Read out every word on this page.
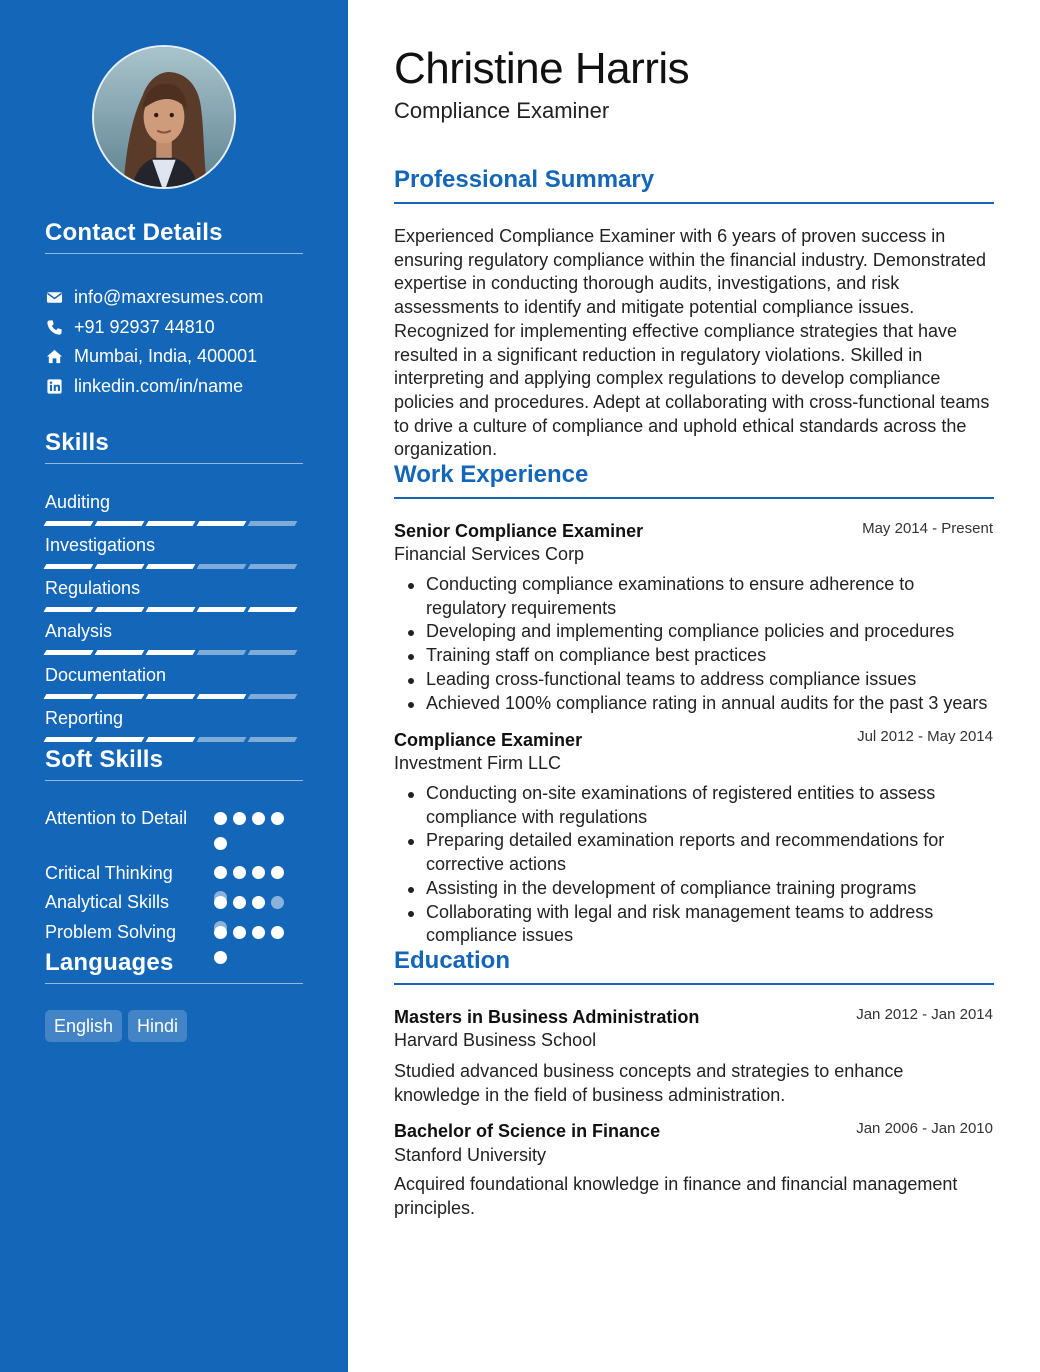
Contact Details
info@maxresumes.com
+91 92937 44810
Mumbai, India, 400001
linkedin.com/in/name
Skills
Auditing
Investigations
Regulations
Analysis
Documentation
Reporting
Soft Skills
Attention to Detail
Critical Thinking
Analytical Skills
Problem Solving
Languages
English	Hindi
Christine Harris
Compliance Examiner
Professional Summary
Experienced Compliance Examiner with 6 years of proven success in ensuring regulatory compliance within the financial industry. Demonstrated expertise in conducting thorough audits, investigations, and risk assessments to identify and mitigate potential compliance issues. Recognized for implementing effective compliance strategies that have resulted in a significant reduction in regulatory violations. Skilled in interpreting and applying complex regulations to develop compliance policies and procedures. Adept at collaborating with cross-functional teams to drive a culture of compliance and uphold ethical standards across the organization.
Work Experience
Senior Compliance Examiner	May 2014 - Present
Financial Services Corp
Conducting compliance examinations to ensure adherence to regulatory requirements
Developing and implementing compliance policies and procedures
Training staff on compliance best practices
Leading cross-functional teams to address compliance issues
Achieved 100% compliance rating in annual audits for the past 3 years
Compliance Examiner	Jul 2012 - May 2014
Investment Firm LLC
Conducting on-site examinations of registered entities to assess compliance with regulations
Preparing detailed examination reports and recommendations for corrective actions
Assisting in the development of compliance training programs
Collaborating with legal and risk management teams to address compliance issues
Education
Masters in Business Administration	Jan 2012 - Jan 2014
Harvard Business School
Studied advanced business concepts and strategies to enhance knowledge in the field of business administration.
Bachelor of Science in Finance	Jan 2006 - Jan 2010
Stanford University
Acquired foundational knowledge in finance and financial management principles.
